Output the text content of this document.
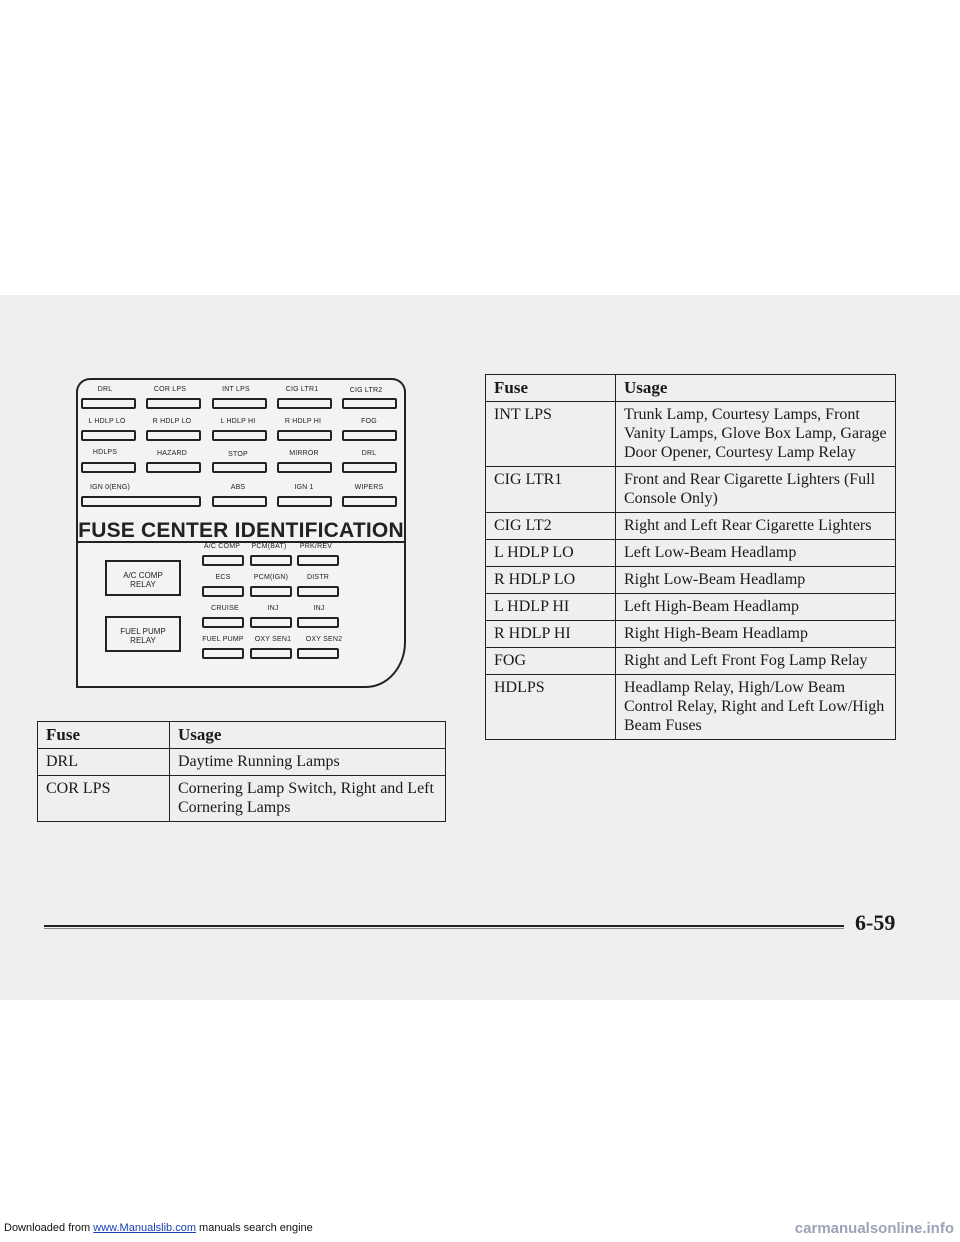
DRL	COR LPS	INT LPS	CIG LTR1	CIG LTR2
L HDLP LO	R HDLP LO	L HDLP HI	R HDLP HI	FOG
HDLPS	HAZARD	STOP	MIRROR	DRL
IGN 0(ENG)	ABS	IGN 1	WIPERS
FUSE CENTER IDENTIFICATION
A/C COMP
RELAY
FUEL PUMP
RELAY
A/C COMP PCM(BAT) PRK/REV
ECS	PCM(IGN)	DISTR
CRUISE	INJ	INJ
FUEL PUMP OXY SEN1 OXY SEN2
Fuse	Usage
DRL	Daytime Running Lamps
COR LPS	Cornering Lamp Switch, Right and Left Cornering Lamps
Fuse	Usage
INT LPS	Trunk Lamp, Courtesy Lamps, Front Vanity Lamps, Glove Box Lamp, Garage Door Opener, Courtesy Lamp Relay
CIG LTR1	Front and Rear Cigarette Lighters (Full Console Only)
CIG LT2	Right and Left Rear Cigarette Lighters
L HDLP LO	Left Low-Beam Headlamp
R HDLP LO	Right Low-Beam Headlamp
L HDLP HI	Left High-Beam Headlamp
R HDLP HI	Right High-Beam Headlamp
FOG	Right and Left Front Fog Lamp Relay
HDLPS	Headlamp Relay, High/Low Beam Control Relay, Right and Left Low/High Beam Fuses
6-59
Downloaded from www.Manualslib.com manuals search engine	carmanualsonline.info
